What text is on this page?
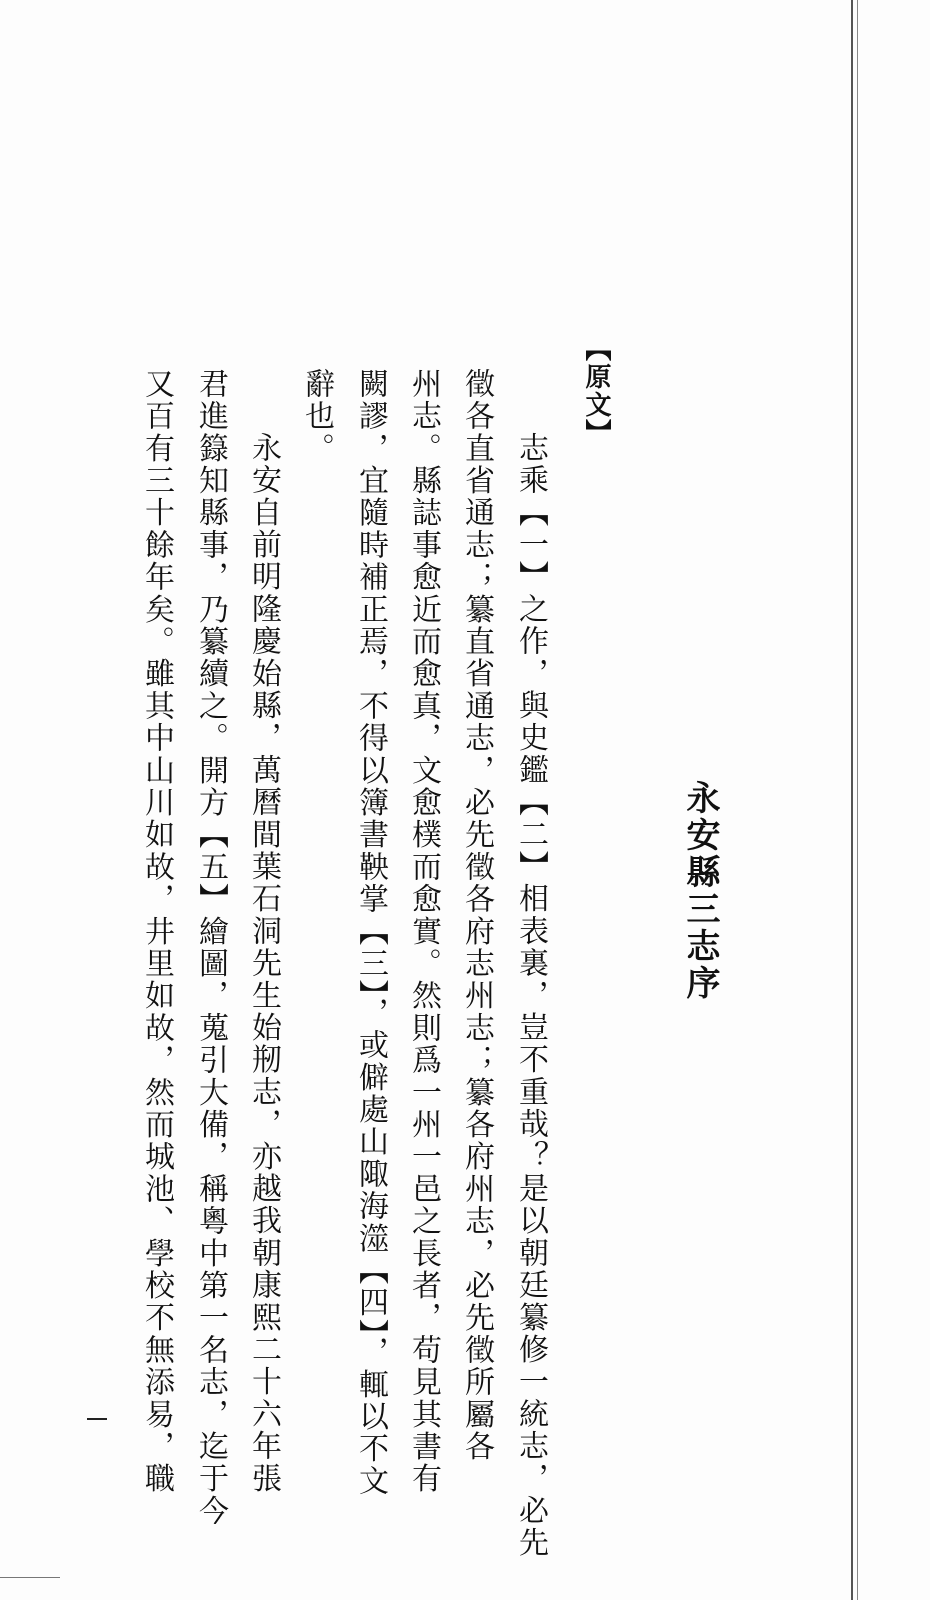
永安縣三志序
【原文】
志乘【一】之作，與史鑑【二】相表裏，豈不重哉？是以朝廷纂修一統志，必先
徵各直省通志；纂直省通志，必先徵各府志州志；纂各府州志，必先徵所屬各
州志。縣誌事愈近而愈真，文愈樸而愈實。然則爲一州一邑之長者，苟見其書有
闕謬，宜隨時補正焉，不得以簿書鞅掌【三】，或僻處山陬海澨【四】，輒以不文
辭也。
永安自前明隆慶始縣，萬曆間葉石洞先生始剏志，亦越我朝康熙二十六年張
君進籙知縣事，乃纂續之。開方【五】繪圖，蒐引大備，稱粵中第一名志，迄于今
又百有三十餘年矣。雖其中山川如故，井里如故，然而城池、學校不無添易，職
